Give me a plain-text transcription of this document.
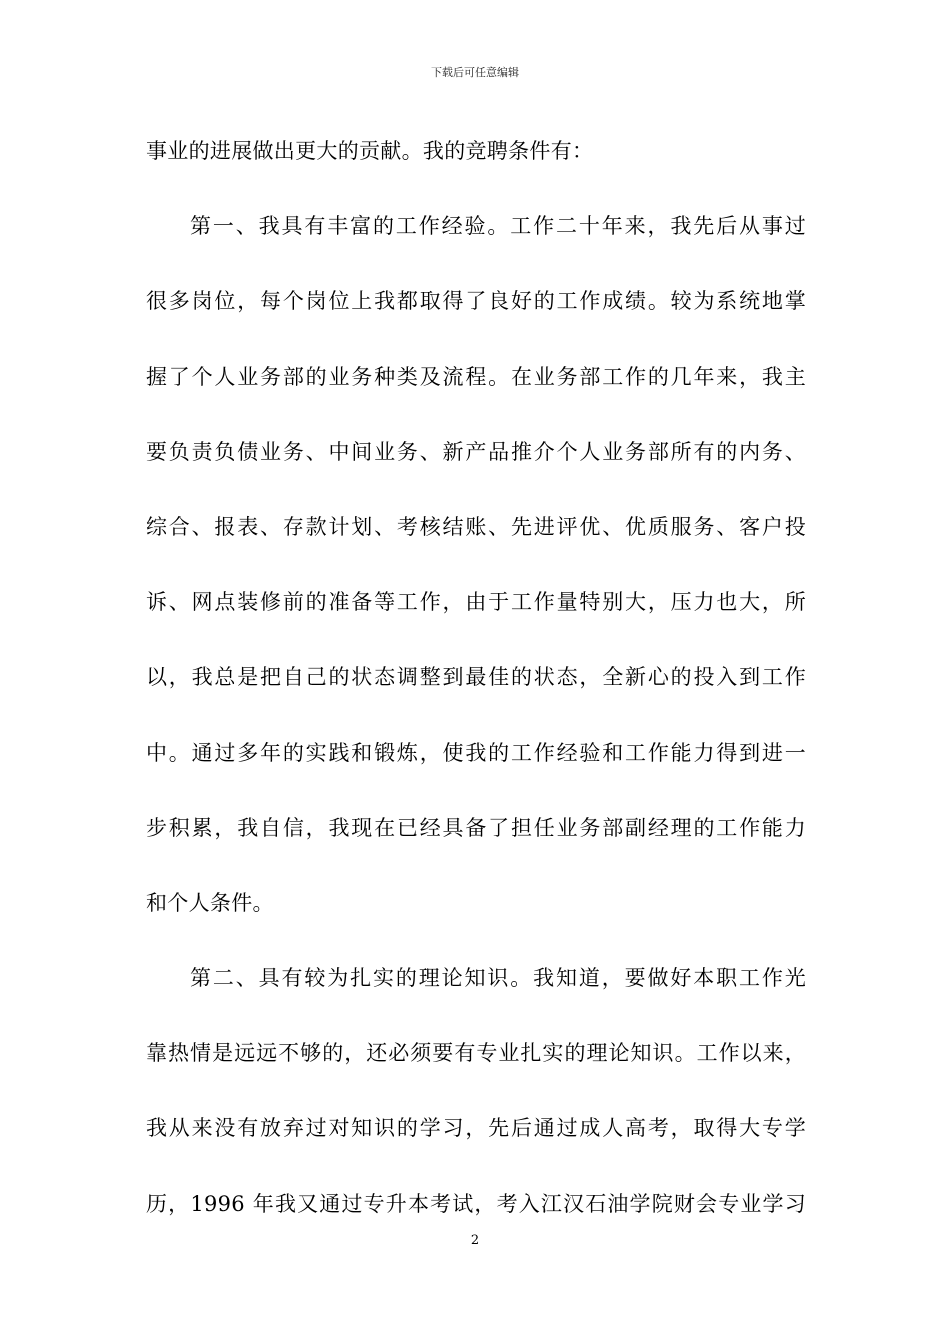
下载后可任意编辑
事业的进展做出更大的贡献。我的竞聘条件有：
第一、我具有丰富的工作经验。工作二十年来，我先后从事过
很多岗位，每个岗位上我都取得了良好的工作成绩。较为系统地掌
握了个人业务部的业务种类及流程。在业务部工作的几年来，我主
要负责负债业务、中间业务、新产品推介个人业务部所有的内务、
综合、报表、存款计划、考核结账、先进评优、优质服务、客户投
诉、网点装修前的准备等工作，由于工作量特别大，压力也大，所
以，我总是把自己的状态调整到最佳的状态，全新心的投入到工作
中。通过多年的实践和锻炼，使我的工作经验和工作能力得到进一
步积累，我自信，我现在已经具备了担任业务部副经理的工作能力
和个人条件。
第二、具有较为扎实的理论知识。我知道，要做好本职工作光
靠热情是远远不够的，还必须要有专业扎实的理论知识。工作以来，
我从来没有放弃过对知识的学习，先后通过成人高考，取得大专学
历，1996 年我又通过专升本考试，考入江汉石油学院财会专业学习
2
